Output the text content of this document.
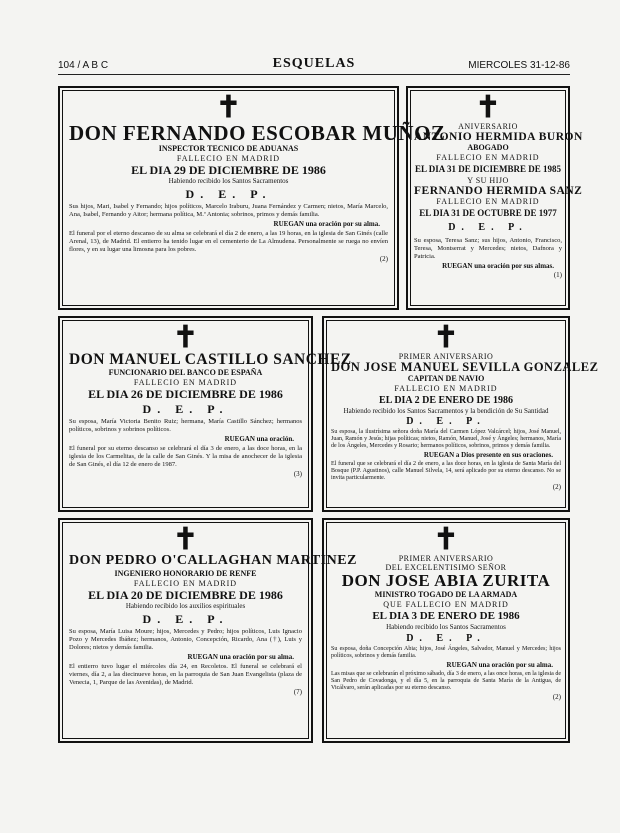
104 / A B C	ESQUELAS	MIERCOLES 31-12-86
✝
DON FERNANDO ESCOBAR MUÑOZ
INSPECTOR TECNICO DE ADUANAS
FALLECIO EN MADRID
EL DIA 29 DE DICIEMBRE DE 1986
Habiendo recibido los Santos Sacramentos
D. E. P.
Sus hijos, Mari, Isabel y Fernando; hijos políticos, Marcelo Iraburu, Juana Fernández y Carmen; nietos, María Marcelo, Ana, Isabel, Fernando y Aitor; hermana política, M.ª Antonia; sobrinos, primos y demás familia.
RUEGAN una oración por su alma.
El funeral por el eterno descanso de su alma se celebrará el día 2 de enero, a las 19 horas, en la iglesia de San Ginés (calle Arenal, 13), de Madrid. El entierro ha tenido lugar en el cementerio de La Almudena. Personalmente se ruega no envíen flores, y en su lugar una limosna para los pobres.
(2)
✝
ANIVERSARIO
ANTONIO HERMIDA BURON
ABOGADO
FALLECIO EN MADRID
EL DIA 31 DE DICIEMBRE DE 1985
Y SU HIJO
FERNANDO HERMIDA SANZ
FALLECIO EN MADRID
EL DIA 31 DE OCTUBRE DE 1977
D. E. P.
Su esposa, Teresa Sanz; sus hijos, Antonio, Francisco, Teresa, Montserrat y Mercedes; nietos, Dafnora y Patricia.
RUEGAN una oración por sus almas.
(1)
✝
DON MANUEL CASTILLO SANCHEZ
FUNCIONARIO DEL BANCO DE ESPAÑA
FALLECIO EN MADRID
EL DIA 26 DE DICIEMBRE DE 1986
D. E. P.
Su esposa, María Victoria Benito Ruiz; hermana, María Castillo Sánchez; hermanos políticos, sobrinos y sobrinos políticos.
RUEGAN una oración.
El funeral por su eterno descanso se celebrará el día 3 de enero, a las doce horas, en la iglesia de los Carmelitas, de la calle de San Ginés. Y la misa de anochecer de la iglesia de San Ginés, el día 12 de enero de 1987.
(3)
✝
PRIMER ANIVERSARIO
DON JOSE MANUEL SEVILLA GONZALEZ
CAPITAN DE NAVIO
FALLECIO EN MADRID
EL DIA 2 DE ENERO DE 1986
Habiendo recibido los Santos Sacramentos y la bendición de Su Santidad
D. E. P.
Su esposa, la ilustrísima señora doña María del Carmen López Valcárcel; hijos, José Manuel, Juan, Ramón y Jesús; hijas políticas; nietos, Ramón, Manuel, José y Ángeles; hermanos, María de los Ángeles, Mercedes y Rosario; hermanos políticos, sobrinos, primos y demás familia.
RUEGAN a Dios presente en sus oraciones.
El funeral que se celebrará el día 2 de enero, a las doce horas, en la iglesia de Santa María del Bosque (P.P. Agustinos), calle Manuel Silvela, 14, será aplicado por su eterno descanso. No se invita particularmente.
(2)
✝
DON PEDRO O'CALLAGHAN MARTINEZ
INGENIERO HONORARIO DE RENFE
FALLECIO EN MADRID
EL DIA 20 DE DICIEMBRE DE 1986
Habiendo recibido los auxilios espirituales
D. E. P.
Su esposa, María Luisa Moure; hijos, Mercedes y Pedro; hijos políticos, Luis Ignacio Pozo y Mercedes Ibáñez; hermanos, Antonio, Concepción, Ricardo, Ana (†), Luis y Dolores; nietos y demás familia.
RUEGAN una oración por su alma.
El entierro tuvo lugar el miércoles día 24, en Recoletos. El funeral se celebrará el viernes, día 2, a las diecinueve horas, en la parroquia de San Juan Evangelista (plaza de Venecia, 1, Parque de las Avenidas), de Madrid.
(7)
✝
PRIMER ANIVERSARIO
DEL EXCELENTISIMO SEÑOR
DON JOSE ABIA ZURITA
MINISTRO TOGADO DE LA ARMADA
QUE FALLECIO EN MADRID
EL DIA 3 DE ENERO DE 1986
Habiendo recibido los Santos Sacramentos
D. E. P.
Su esposa, doña Concepción Abia; hijos, José Ángeles, Salvador, Manuel y Mercedes; hijos políticos, sobrinos y demás familia.
RUEGAN una oración por su alma.
Las misas que se celebrarán el próximo sábado, día 3 de enero, a las once horas, en la iglesia de San Pedro de Covadonga, y el día 5, en la parroquia de Santa María de la Antigua, de Vicálvaro, serán aplicadas por su eterno descanso.
(2)
